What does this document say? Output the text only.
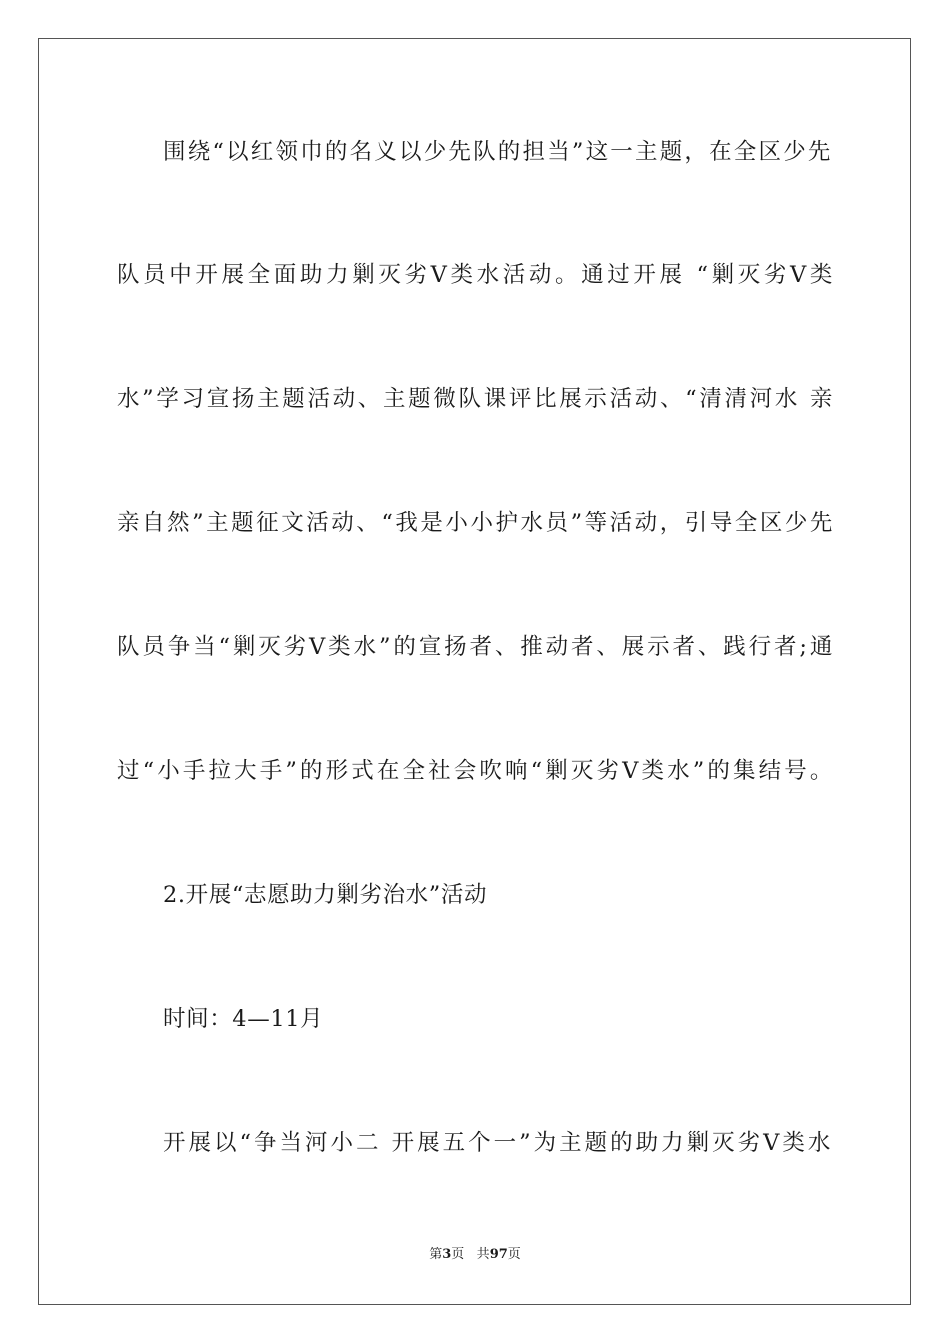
围绕“以红领巾的名义以少先队的担当”这一主题，在全区少先
队员中开展全面助力剿灭劣Ⅴ类水活动。通过开展 “剿灭劣Ⅴ类
水”学习宣扬主题活动、主题微队课评比展示活动、“清清河水 亲
亲自然”主题征文活动、“我是小小护水员”等活动，引导全区少先
队员争当“剿灭劣Ⅴ类水”的宣扬者、推动者、展示者、践行者;通
过“小手拉大手”的形式在全社会吹响“剿灭劣Ⅴ类水”的集结号。
2.开展“志愿助力剿劣治水”活动
时间：4—11月
开展以“争当河小二 开展五个一”为主题的助力剿灭劣Ⅴ类水
第3页 共97页
